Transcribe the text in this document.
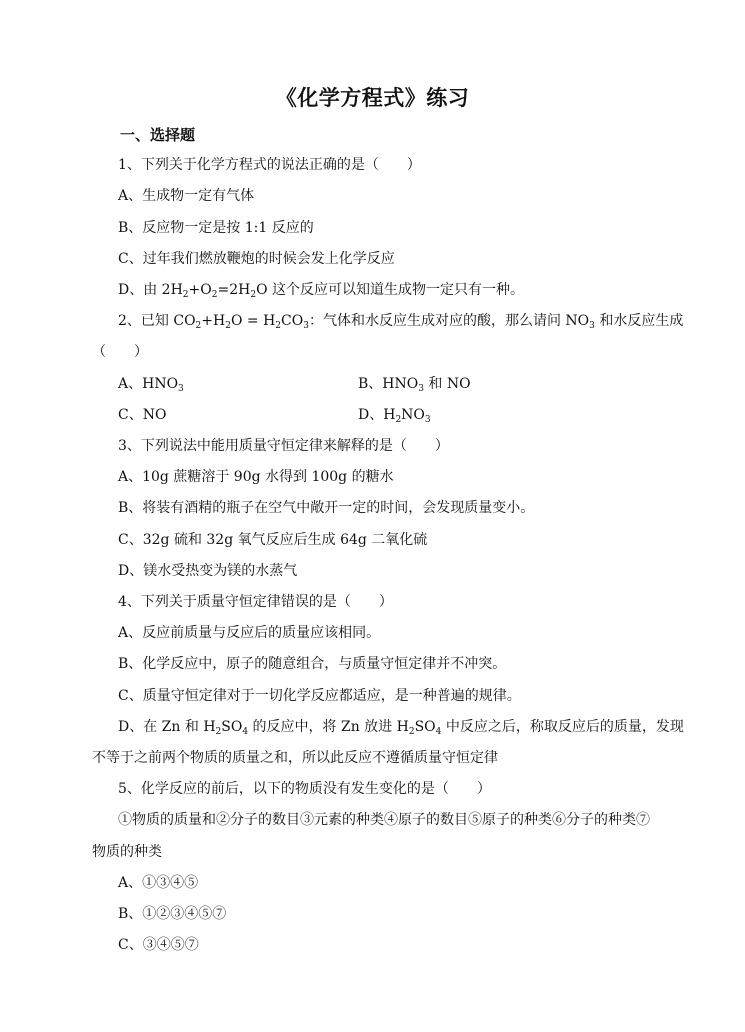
《化学方程式》练习
一、选择题
1、下列关于化学方程式的说法正确的是（　　）
A、生成物一定有气体
B、反应物一定是按 1:1 反应的
C、过年我们燃放鞭炮的时候会发上化学反应
D、由 $2H_2+O_2=2H_2O$ 这个反应可以知道生成物一定只有一种。
2、已知 $CO_2+H_2O = H_2CO_3$：气体和水反应生成对应的酸，那么请问 $NO_3$ 和水反应生成
（　　）
A、$HNO_3$	B、$HNO_3$ 和 NO
C、NO	D、$H_2NO_3$
3、下列说法中能用质量守恒定律来解释的是（　　）
A、10g 蔗糖溶于 90g 水得到 100g 的糖水
B、将装有酒精的瓶子在空气中敞开一定的时间，会发现质量变小。
C、32g 硫和 32g 氧气反应后生成 64g 二氧化硫
D、镁水受热变为镁的水蒸气
4、下列关于质量守恒定律错误的是（　　）
A、反应前质量与反应后的质量应该相同。
B、化学反应中，原子的随意组合，与质量守恒定律并不冲突。
C、质量守恒定律对于一切化学反应都适应，是一种普遍的规律。
D、在 Zn 和 $H_2SO_4$ 的反应中，将 Zn 放进 $H_2SO_4$ 中反应之后，称取反应后的质量，发现
不等于之前两个物质的质量之和，所以此反应不遵循质量守恒定律
5、化学反应的前后，以下的物质没有发生变化的是（　　）
①物质的质量和②分子的数目③元素的种类④原子的数目⑤原子的种类⑥分子的种类⑦
物质的种类
A、①③④⑤
B、①②③④⑤⑦
C、③④⑤⑦
